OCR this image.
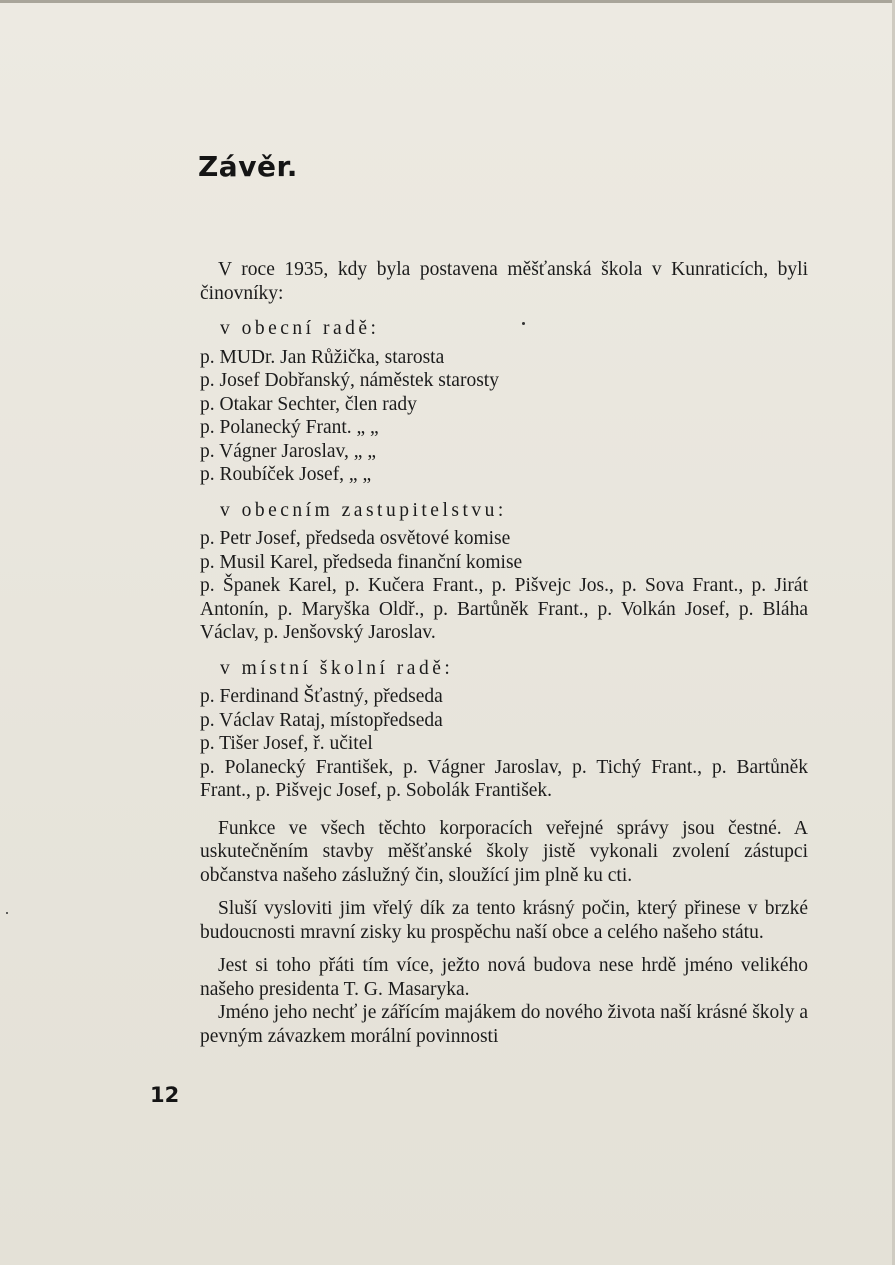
Závěr.

V roce 1935, kdy byla postavena měšťanská škola v Kunraticích, byli činovníky:

v obecní radě:

p. MUDr. Jan Růžička, starosta

p. Josef Dobřanský, náměstek starosty

p. Otakar Sechter, člen rady

p. Polanecký Frant. „ „

p. Vágner Jaroslav, „ „

p. Roubíček Josef, „ „

v obecním zastupitelstvu:

p. Petr Josef, předseda osvětové komise

p. Musil Karel, předseda finanční komise

p. Španek Karel, p. Kučera Frant., p. Pišvejc Jos., p. Sova Frant., p. Jirát Antonín, p. Maryška Oldř., p. Bartůněk Frant., p. Volkán Josef, p. Bláha Václav, p. Jenšovský Jaroslav.

v místní školní radě:

p. Ferdinand Šťastný, předseda

p. Václav Rataj, místopředseda

p. Tišer Josef, ř. učitel

p. Polanecký František, p. Vágner Jaroslav, p. Tichý Frant., p. Bartůněk Frant., p. Pišvejc Josef, p. Sobolák František.

Funkce ve všech těchto korporacích veřejné správy jsou čestné. A uskutečněním stavby měšťanské školy jistě vykonali zvolení zástupci občanstva našeho záslužný čin, sloužící jim plně ku cti.

Sluší vysloviti jim vřelý dík za tento krásný počin, který přinese v brzké budoucnosti mravní zisky ku prospěchu naší obce a celého našeho státu.

Jest si toho přáti tím více, ježto nová budova nese hrdě jméno velikého našeho presidenta T. G. Masaryka.

Jméno jeho nechť je zářícím majákem do nového života naší krásné školy a pevným závazkem morální povinnosti

12
